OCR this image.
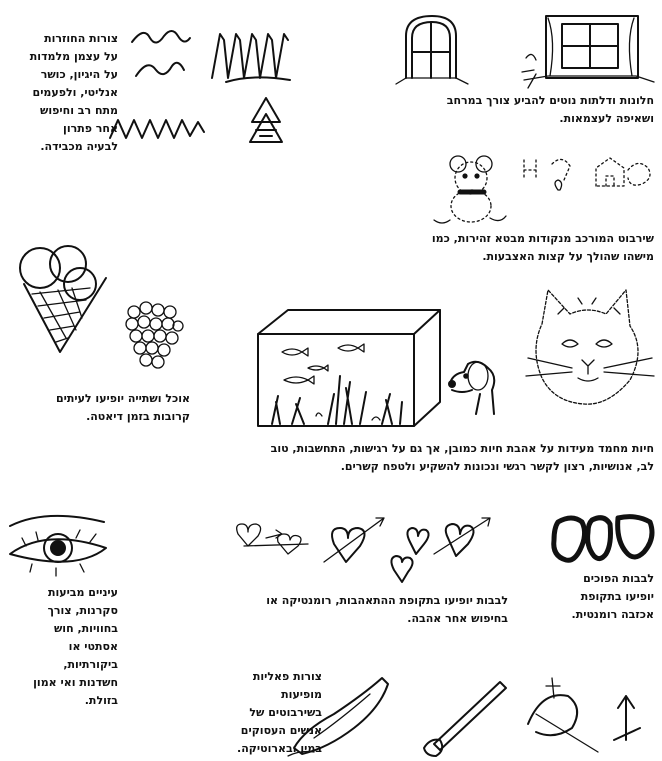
חלונות ודלתות נוטים להביע צורך במרחב
ושאיפה לעצמאות.
צורות החוזרות
על עצמן מלמדות
על היגיון, כושר
אנליטי, ולפעמים
מתח רב וחיפוש
אחר פתרון
לבעיה מכבידה.
שירבוט המורכב מנקודות מבטא זהירות, כמו
מישהו שהולך על קצות האצבעות.
אוכל ושתייה יופיעו לעיתים
קרובות בזמן דיאטה.
חיות מחמד מעידות על אהבת חיות כמובן, אך גם על רגישות, התחשבות, טוב
לב, אנושיות, רצון לקשר רגשי ונכונות להשקיע ולטפח קשרים.
עיניים מביעות
סקרנות, צורך
בחוויות, חוש
אסתטי או
ביקורתיות,
חשדנות ואי אמון
בזולת.
לבבות יופיעו בתקופת ההתאהבות, רומנטיקה או
בחיפוש אחר אהבה.
לבבות הפוכים
יופיעו בתקופת
אכזבה רומנטית.
צורות פאליות
מופיעות
בשירבוטים של
אנשים העסוקים
במין ובארוטיקה.
